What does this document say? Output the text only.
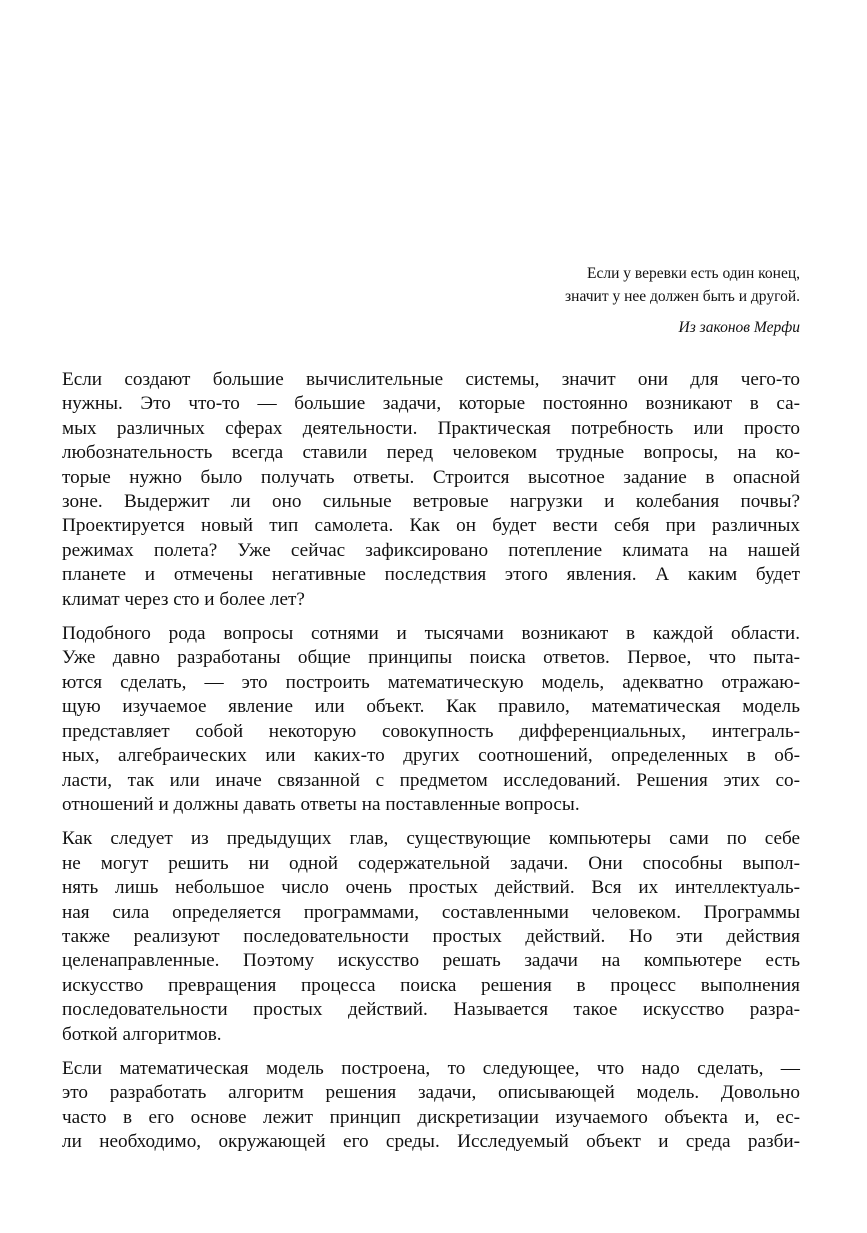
Если у веревки есть один конец,
значит у нее должен быть и другой.
Из законов Мерфи

Если создают большие вычислительные системы, значит они для чего-то
нужны. Это что-то — большие задачи, которые постоянно возникают в са-
мых различных сферах деятельности. Практическая потребность или просто
любознательность всегда ставили перед человеком трудные вопросы, на ко-
торые нужно было получать ответы. Строится высотное задание в опасной
зоне. Выдержит ли оно сильные ветровые нагрузки и колебания почвы?
Проектируется новый тип самолета. Как он будет вести себя при различных
режимах полета? Уже сейчас зафиксировано потепление климата на нашей
планете и отмечены негативные последствия этого явления. А каким будет
климат через сто и более лет?

Подобного рода вопросы сотнями и тысячами возникают в каждой области.
Уже давно разработаны общие принципы поиска ответов. Первое, что пыта-
ются сделать, — это построить математическую модель, адекватно отражаю-
щую изучаемое явление или объект. Как правило, математическая модель
представляет собой некоторую совокупность дифференциальных, интеграль-
ных, алгебраических или каких-то других соотношений, определенных в об-
ласти, так или иначе связанной с предметом исследований. Решения этих со-
отношений и должны давать ответы на поставленные вопросы.

Как следует из предыдущих глав, существующие компьютеры сами по себе
не могут решить ни одной содержательной задачи. Они способны выпол-
нять лишь небольшое число очень простых действий. Вся их интеллектуаль-
ная сила определяется программами, составленными человеком. Программы
также реализуют последовательности простых действий. Но эти действия
целенаправленные. Поэтому искусство решать задачи на компьютере есть
искусство превращения процесса поиска решения в процесс выполнения
последовательности простых действий. Называется такое искусство разра-
боткой алгоритмов.

Если математическая модель построена, то следующее, что надо сделать, —
это разработать алгоритм решения задачи, описывающей модель. Довольно
часто в его основе лежит принцип дискретизации изучаемого объекта и, ес-
ли необходимо, окружающей его среды. Исследуемый объект и среда разби-
